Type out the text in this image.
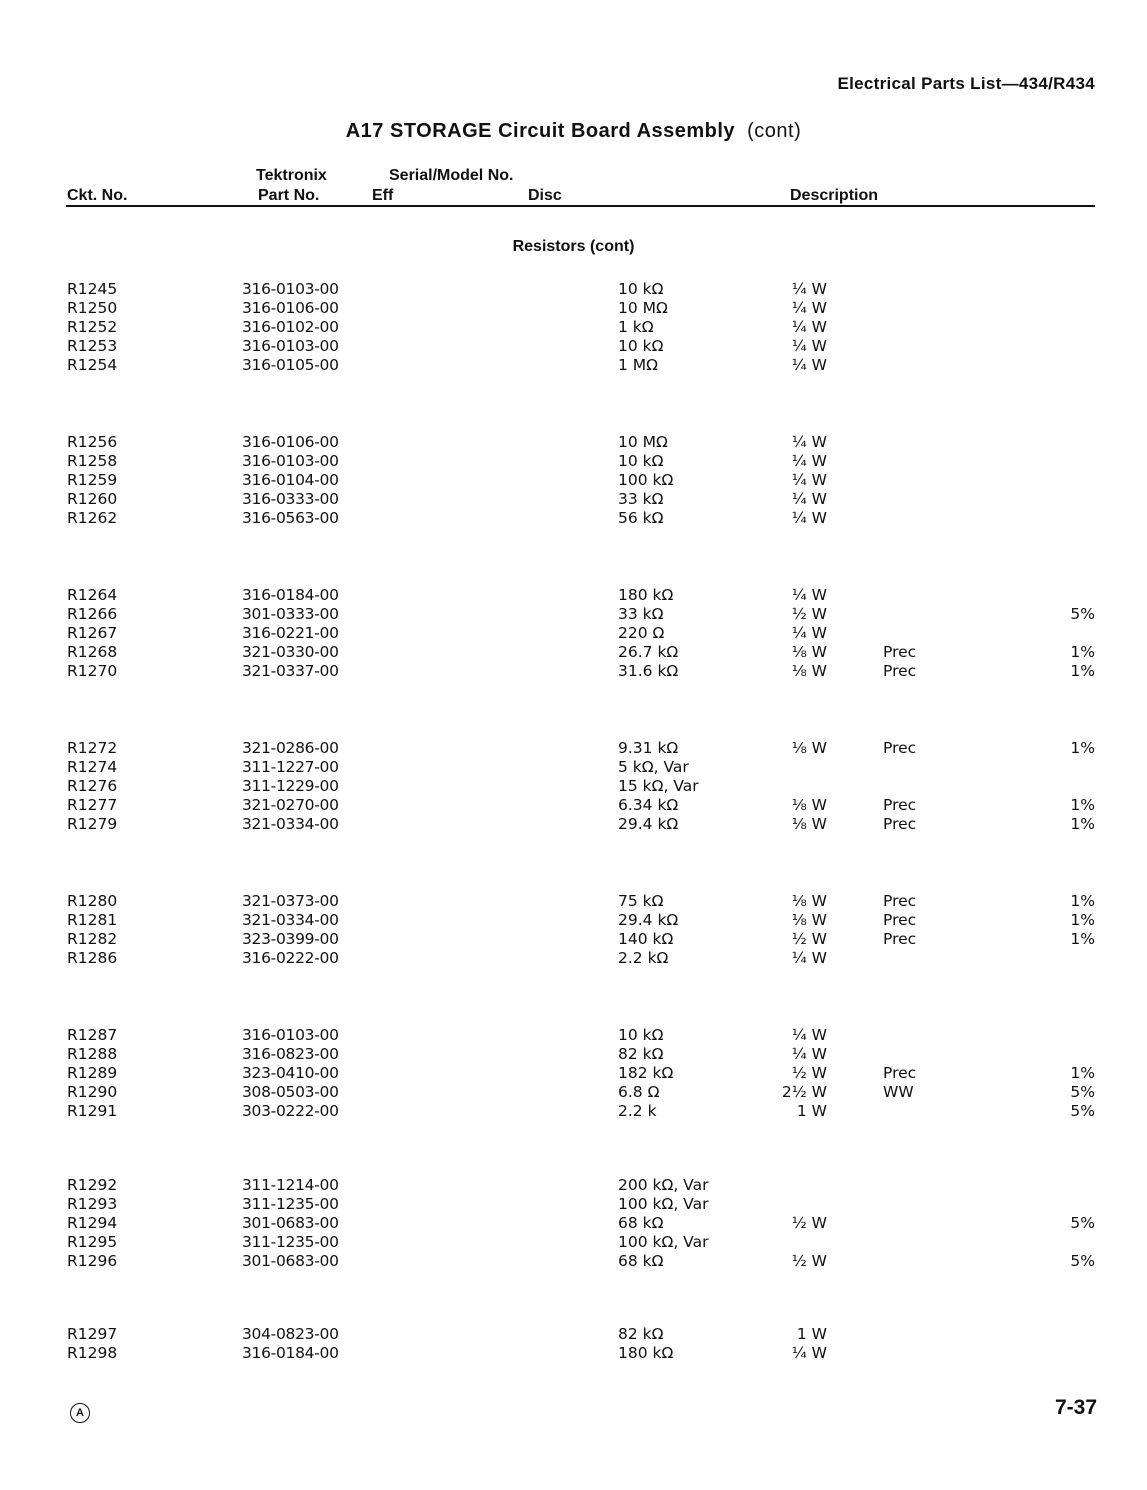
Electrical Parts List—434/R434
A17 STORAGE Circuit Board Assembly (cont)
Ckt. No.
Tektronix
Part No.
Serial/Model No.
Eff	Disc	Description
Resistors (cont)
R1245	316-0103-00	10 kΩ	¼ W
R1250	316-0106-00	10 MΩ	¼ W
R1252	316-0102-00	1 kΩ	¼ W
R1253	316-0103-00	10 kΩ	¼ W
R1254	316-0105-00	1 MΩ	¼ W
R1256	316-0106-00	10 MΩ	¼ W
R1258	316-0103-00	10 kΩ	¼ W
R1259	316-0104-00	100 kΩ	¼ W
R1260	316-0333-00	33 kΩ	¼ W
R1262	316-0563-00	56 kΩ	¼ W
R1264	316-0184-00	180 kΩ	¼ W
R1266	301-0333-00	33 kΩ	½ W	5%
R1267	316-0221-00	220 Ω	¼ W
R1268	321-0330-00	26.7 kΩ	⅛ W	Prec	1%
R1270	321-0337-00	31.6 kΩ	⅛ W	Prec	1%
R1272	321-0286-00	9.31 kΩ	⅛ W	Prec	1%
R1274	311-1227-00	5 kΩ, Var
R1276	311-1229-00	15 kΩ, Var
R1277	321-0270-00	6.34 kΩ	⅛ W	Prec	1%
R1279	321-0334-00	29.4 kΩ	⅛ W	Prec	1%
R1280	321-0373-00	75 kΩ	⅛ W	Prec	1%
R1281	321-0334-00	29.4 kΩ	⅛ W	Prec	1%
R1282	323-0399-00	140 kΩ	½ W	Prec	1%
R1286	316-0222-00	2.2 kΩ	¼ W
R1287	316-0103-00	10 kΩ	¼ W
R1288	316-0823-00	82 kΩ	¼ W
R1289	323-0410-00	182 kΩ	½ W	Prec	1%
R1290	308-0503-00	6.8 Ω	2½ W	WW	5%
R1291	303-0222-00	2.2 k	1 W	5%
R1292	311-1214-00	200 kΩ, Var
R1293	311-1235-00	100 kΩ, Var
R1294	301-0683-00	68 kΩ	½ W	5%
R1295	311-1235-00	100 kΩ, Var
R1296	301-0683-00	68 kΩ	½ W	5%
R1297	304-0823-00	82 kΩ	1 W
R1298	316-0184-00	180 kΩ	¼ W
A	7-37
